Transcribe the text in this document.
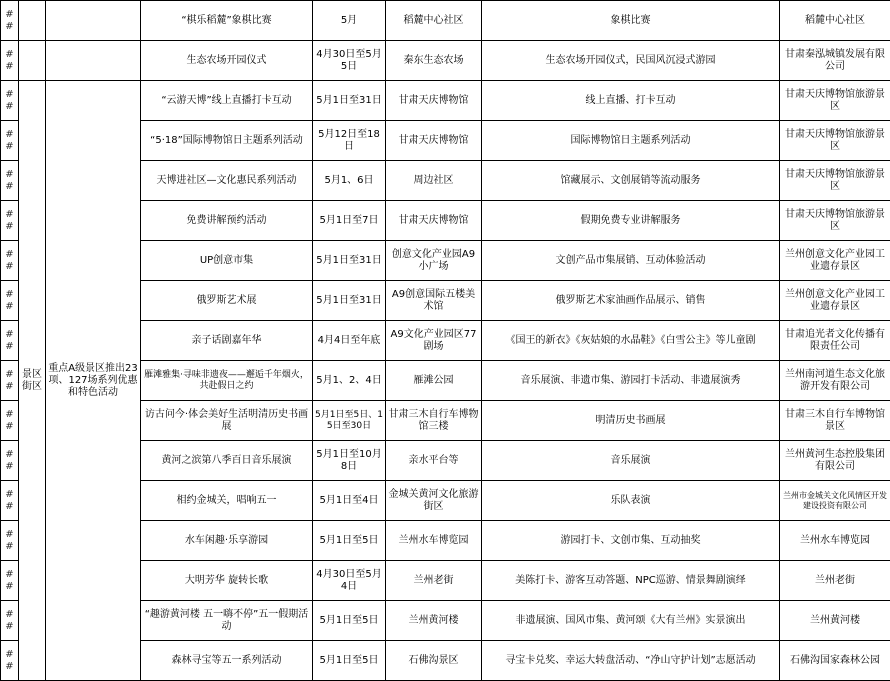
##			“棋乐稻麓”象棋比赛	5月	稻麓中心社区	象棋比赛	稻麓中心社区
##			生态农场开园仪式	4月30日至5月5日	秦东生态农场	生态农场开园仪式，民国风沉浸式游园	甘肃秦泓城镇发展有限公司
##	景区街区	重点A级景区推出23项、127场系列优惠和特色活动	“云游天博”线上直播打卡互动	5月1日至31日	甘肃天庆博物馆	线上直播、打卡互动	甘肃天庆博物馆旅游景区
##			“5·18”国际博物馆日主题系列活动	5月12日至18日	甘肃天庆博物馆	国际博物馆日主题系列活动	甘肃天庆博物馆旅游景区
##			天博进社区—文化惠民系列活动	5月1、6日	周边社区	馆藏展示、文创展销等流动服务	甘肃天庆博物馆旅游景区
##			免费讲解预约活动	5月1日至7日	甘肃天庆博物馆	假期免费专业讲解服务	甘肃天庆博物馆旅游景区
##			UP创意市集	5月1日至31日	创意文化产业园A9小广场	文创产品市集展销、互动体验活动	兰州创意文化产业园工业遗存景区
##			俄罗斯艺术展	5月1日至31日	A9创意国际五楼美术馆	俄罗斯艺术家油画作品展示、销售	兰州创意文化产业园工业遗存景区
##			亲子话剧嘉年华	4月4日至年底	A9文化产业园区77剧场	《国王的新衣》《灰姑娘的水晶鞋》《白雪公主》等儿童剧	甘肃追光者文化传播有限责任公司
##			雁滩雅集·寻味非遗夜——邂逅千年烟火，共赴假日之约	5月1、2、4日	雁滩公园	音乐展演、非遗市集、游园打卡活动、非遗展演秀	兰州南河道生态文化旅游开发有限公司
##			访古问今·体会美好生活明清历史书画展	5月1日至5日、15日至30日	甘肃三木自行车博物馆三楼	明清历史书画展	甘肃三木自行车博物馆景区
##			黄河之滨第八季百日音乐展演	5月1日至10月8日	亲水平台等	音乐展演	兰州黄河生态控股集团有限公司
##			相约金城关，唱响五一	5月1日至4日	金城关黄河文化旅游街区	乐队表演	兰州市金城关文化风情区开发建设投资有限公司
##			水车闲趣·乐享游园	5月1日至5日	兰州水车博览园	游园打卡、文创市集、互动抽奖	兰州水车博览园
##			大明芳华 旋转长歌	4月30日至5月4日	兰州老街	美陈打卡、游客互动答题、NPC巡游、情景舞剧演绎	兰州老街
##			“趣游黄河楼 五一嗨不停”五一假期活动	5月1日至5日	兰州黄河楼	非遗展演、国风市集、黄河颂《大有兰州》实景演出	兰州黄河楼
##			森林寻宝等五一系列活动	5月1日至5日	石佛沟景区	寻宝卡兑奖、幸运大转盘活动、“净山守护计划”志愿活动	石佛沟国家森林公园
